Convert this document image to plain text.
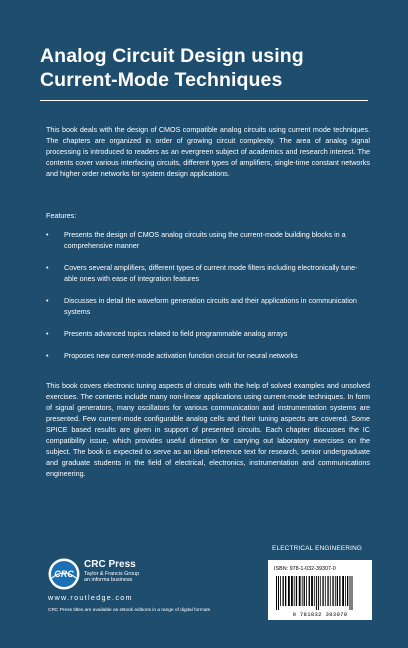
Analog Circuit Design using
Current-Mode Techniques

This book deals with the design of CMOS compatible analog circuits using current mode techniques. The chapters are organized in order of growing circuit complexity. The area of analog signal processing is introduced to readers as an evergreen subject of academics and research interest. The contents cover various interfacing circuits, different types of amplifiers, single-time constant networks and higher order networks for system design applications.

Features:
• Presents the design of CMOS analog circuits using the current-mode building blocks in a comprehensive manner
• Covers several amplifiers, different types of current mode filters including electronically tune-able ones with ease of integration features
• Discusses in detail the waveform generation circuits and their applications in communication systems
• Presents advanced topics related to field programmable analog arrays
• Proposes new current-mode activation function circuit for neural networks

This book covers electronic tuning aspects of circuits with the help of solved examples and unsolved exercises. The contents include many non-linear applications using current-mode techniques. In form of signal generators, many oscillators for various communication and instrumentation systems are presented. Few current-mode configurable analog cells and their tuning aspects are covered. Some SPICE based results are given in support of presented circuits. Each chapter discusses the IC compatibility issue, which provides useful direction for carrying out laboratory exercises on the subject. The book is expected to serve as an ideal reference text for research, senior undergraduate and graduate students in the field of electrical, electronics, instrumentation and communications engineering.

ELECTRICAL ENGINEERING
CRC
CRC Press
Taylor & Francis Group
an informa business
www.routledge.com
CRC Press titles are available as eBook editions in a range of digital formats
ISBN: 978-1-032-39307-0
9 781032 393070
